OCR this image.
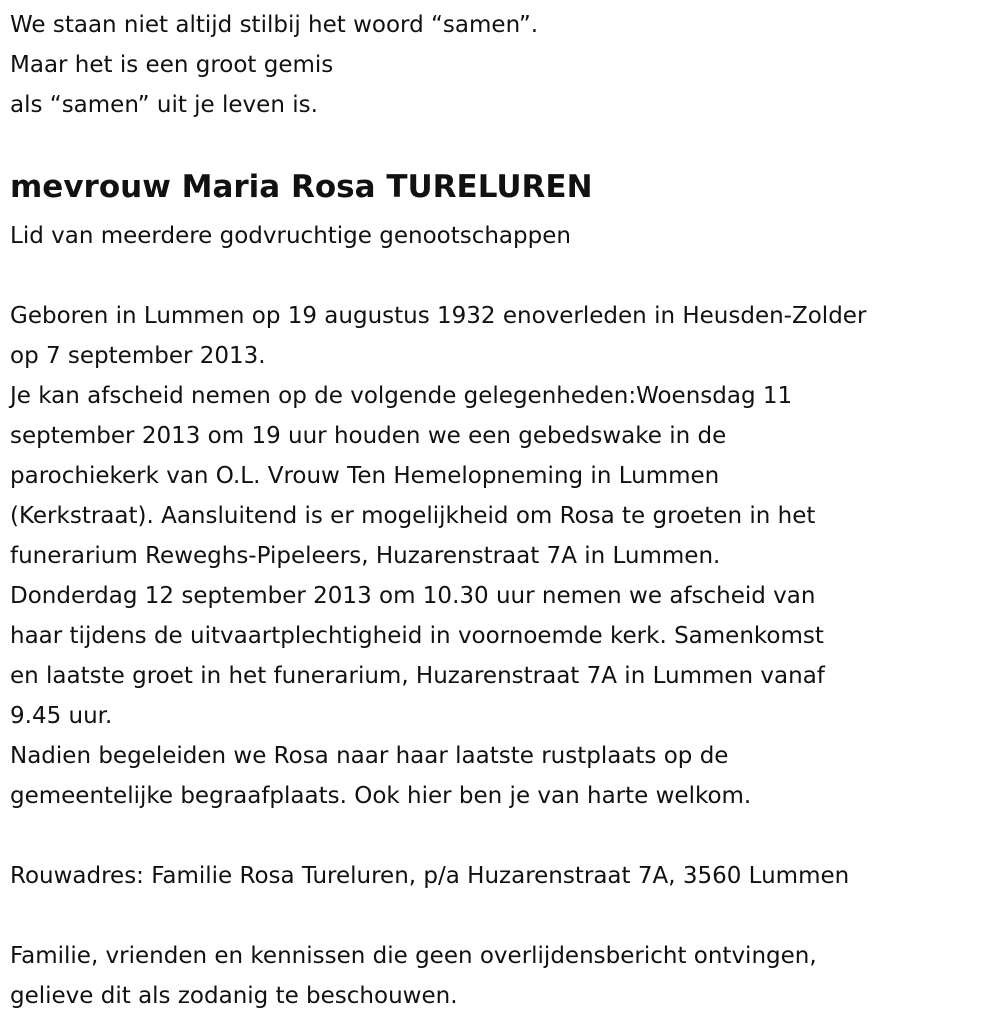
We staan niet altijd stilbij het woord “samen”.
Maar het is een groot gemis
als “samen” uit je leven is.
mevrouw Maria Rosa TURELUREN
Lid van meerdere godvruchtige genootschappen
Geboren in Lummen op 19 augustus 1932 enoverleden in Heusden-Zolder
op 7 september 2013.
Je kan afscheid nemen op de volgende gelegenheden:Woensdag 11
september 2013 om 19 uur houden we een gebedswake in de
parochiekerk van O.L. Vrouw Ten Hemelopneming in Lummen
(Kerkstraat). Aansluitend is er mogelijkheid om Rosa te groeten in het
funerarium Reweghs-Pipeleers, Huzarenstraat 7A in Lummen.
Donderdag 12 september 2013 om 10.30 uur nemen we afscheid van
haar tijdens de uitvaartplechtigheid in voornoemde kerk. Samenkomst
en laatste groet in het funerarium, Huzarenstraat 7A in Lummen vanaf
9.45 uur.
Nadien begeleiden we Rosa naar haar laatste rustplaats op de
gemeentelijke begraafplaats. Ook hier ben je van harte welkom.
Rouwadres: Familie Rosa Tureluren, p/a Huzarenstraat 7A, 3560 Lummen
Familie, vrienden en kennissen die geen overlijdensbericht ontvingen,
gelieve dit als zodanig te beschouwen.
